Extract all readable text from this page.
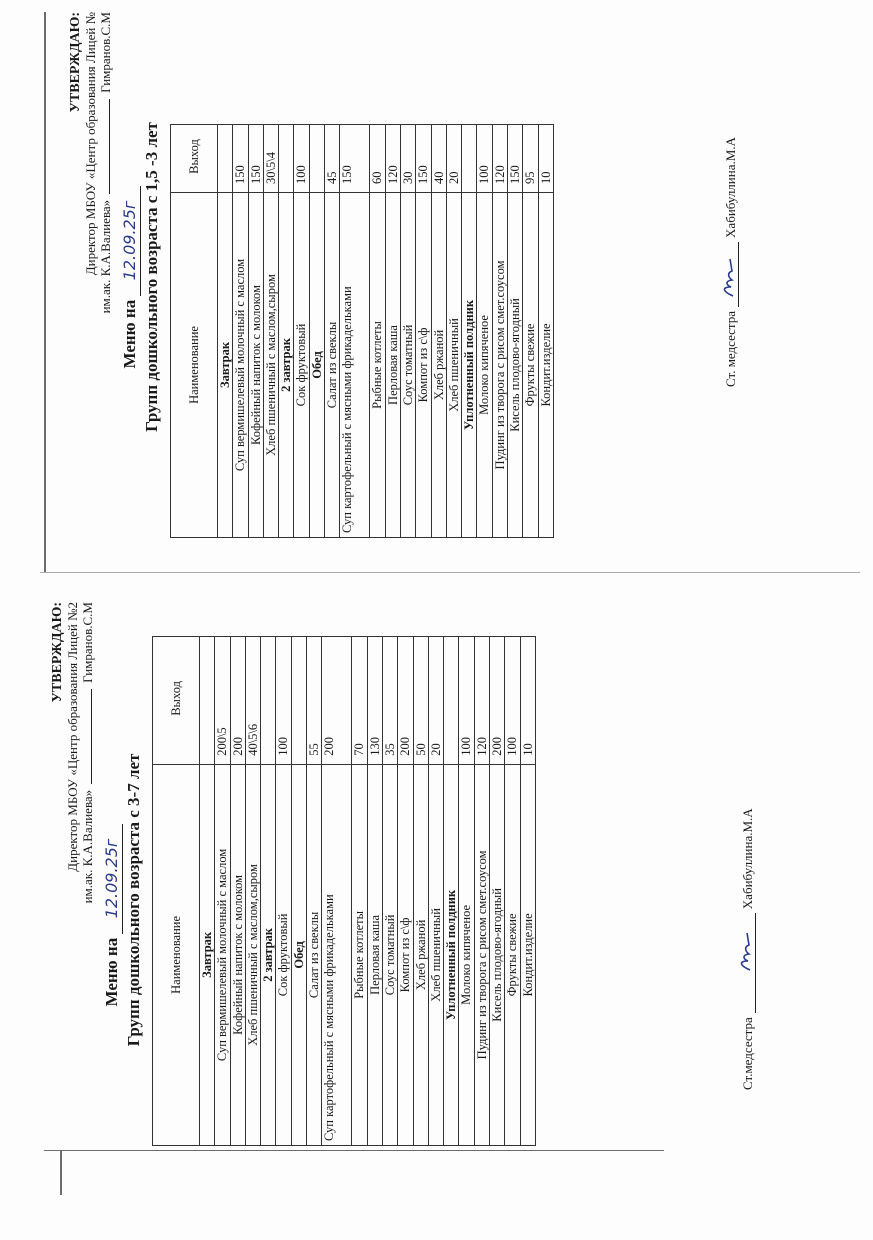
УТВЕРЖДАЮ: Директор МБОУ «Центр образования Лицей № им.ак. К.А.Валиева»
Гимранов.С.М
Меню на 12.09.25г Групп дошкольного возраста с 1,5 -3 лет Наименование	Выход
Завтрак	
Суп вермишелевый молочный с маслом	150
Кофейный напиток с молоком	150
Хлеб пшеничный с маслом,сыром	30\5\4
2 завтрак	
Сок фруктовый	100
Обед	
Салат из свеклы	45
Суп картофельный с мясными фрикадельками	150
Рыбные котлеты	60
Перловая каша	120
Соус томатный	30
Компот из с\ф	150
Хлеб ржаной	40
Хлеб пшеничный	20
Уплотненный полдник	
Молоко кипяченое	100
Пудинг из творога с рисом смет.соусом	120
Кисель плодово-ягодный	150
Фрукты свежие	95
Кондит.изделие	10
Ст. медсестра
Хабибуллина.М.А
УТВЕРЖДАЮ: Директор МБОУ «Центр образования Лицей №2 им.ак. К.А.Валиева»
Гимранов.С.М
Меню на 12.09.25г Групп дошкольного возраста с 3-7 лет Наименование	Выход
Завтрак	
Суп вермишелевый молочный с маслом	200\5
Кофейный напиток с молоком	200
Хлеб пшеничный с маслом,сыром	40\5\6
2 завтрак	
Сок фруктовый	100
Обед	
Салат из свеклы	55
Суп картофельный с мясными фрикадельками	200
Рыбные котлеты	70
Перловая каша	130
Соус томатный	35
Компот из с\ф	200
Хлеб ржаной	50
Хлеб пшеничный	20
Уплотненный полдник	
Молоко кипяченое	100
Пудинг из творога с рисом смет.соусом	120
Кисель плодово-ягодный	200
Фрукты свежие	100
Кондит.изделие	10
Ст.медсестра
Хабибуллина.М.А
